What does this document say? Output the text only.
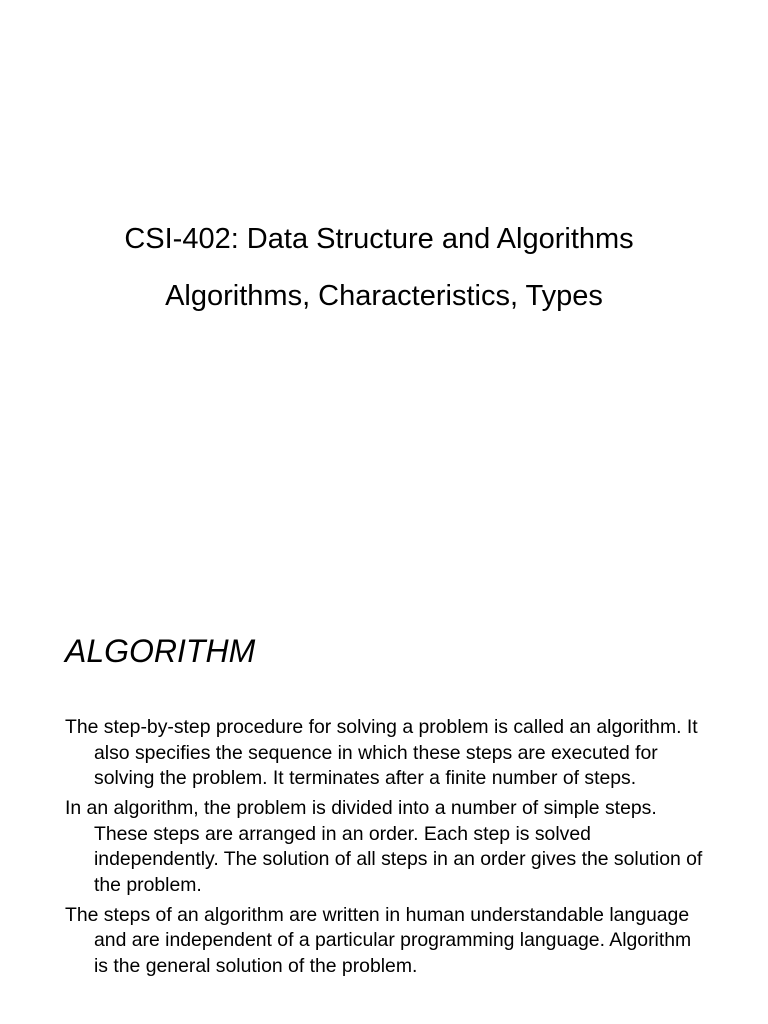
CSI-402: Data Structure and Algorithms
Algorithms, Characteristics, Types
ALGORITHM
The step-by-step procedure for solving a problem is called an algorithm. It also specifies the sequence in which these steps are executed for solving the problem. It terminates after a finite number of steps.
In an algorithm, the problem is divided into a number of simple steps. These steps are arranged in an order. Each step is solved independently. The solution of all steps in an order gives the solution of the problem.
The steps of an algorithm are written in human understandable language and are independent of a particular programming language. Algorithm is the general solution of the problem.
